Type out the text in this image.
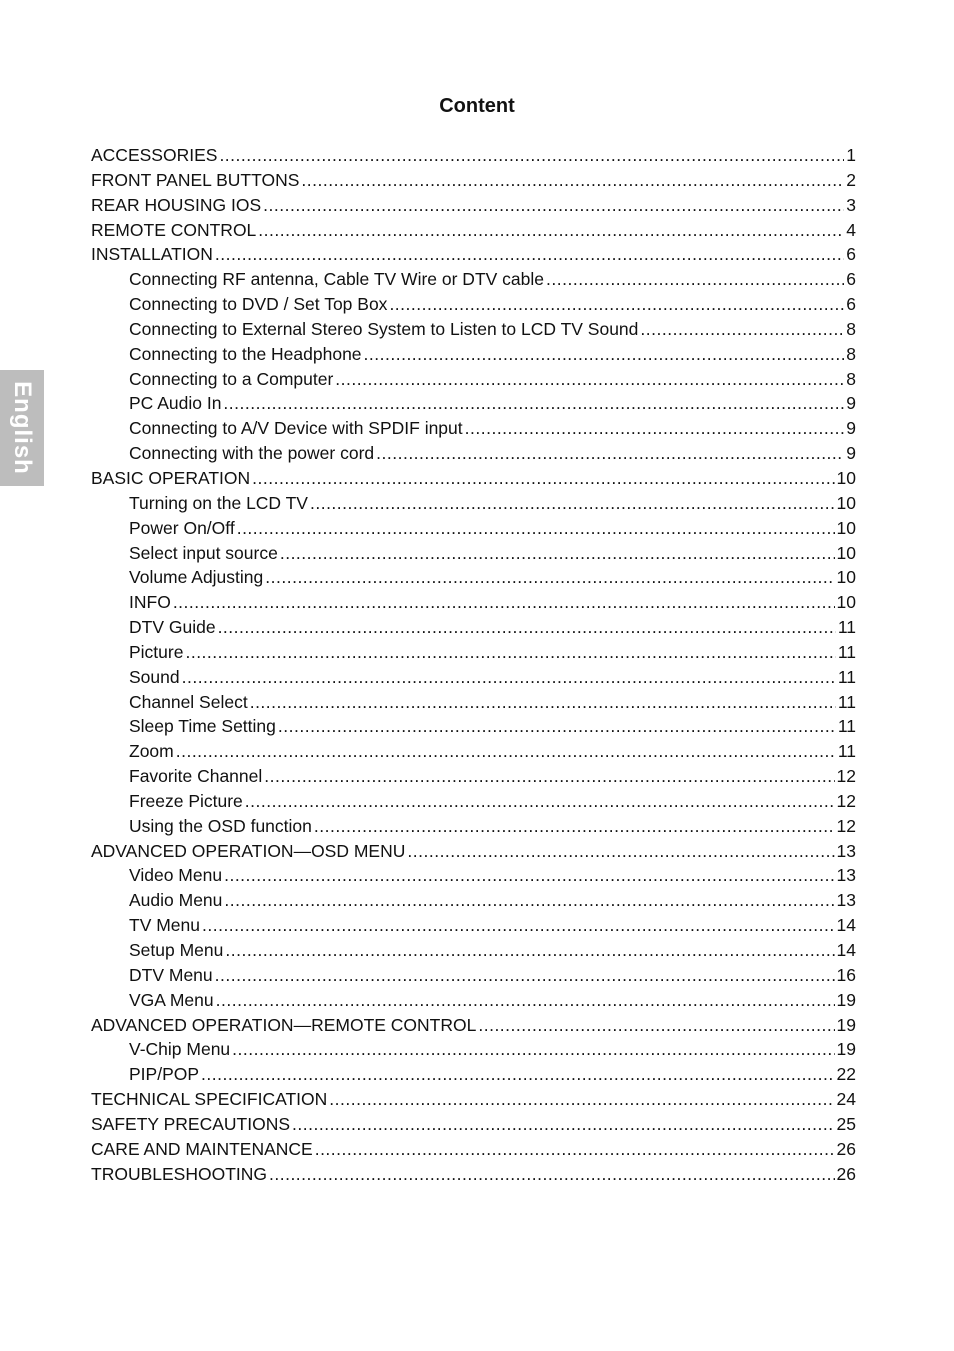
English
Content
ACCESSORIES .....	1
FRONT PANEL BUTTONS .....	2
REAR HOUSING IOS .....	3
REMOTE CONTROL .....	4
INSTALLATION .....	6
Connecting RF antenna, Cable TV Wire or DTV cable .....	6
Connecting to DVD / Set Top Box .....	6
Connecting to External Stereo System to Listen to LCD TV Sound .....	8
Connecting to the Headphone .....	8
Connecting to a Computer .....	8
PC Audio In .....	9
Connecting to A/V Device with SPDIF input .....	9
Connecting with the power cord .....	9
BASIC OPERATION .....	10
Turning on the LCD TV .....	10
Power On/Off .....	10
Select input source .....	10
Volume Adjusting .....	10
INFO .....	10
DTV Guide .....	11
Picture .....	11
Sound .....	11
Channel Select .....	11
Sleep Time Setting .....	11
Zoom .....	11
Favorite Channel .....	12
Freeze Picture .....	12
Using the OSD function .....	12
ADVANCED OPERATION—OSD MENU .....	13
Video Menu .....	13
Audio Menu .....	13
TV Menu .....	14
Setup Menu .....	14
DTV Menu .....	16
VGA Menu .....	19
ADVANCED OPERATION—REMOTE CONTROL .....	19
V-Chip Menu .....	19
PIP/POP .....	22
TECHNICAL SPECIFICATION .....	24
SAFETY PRECAUTIONS .....	25
CARE AND MAINTENANCE .....	26
TROUBLESHOOTING .....	26
